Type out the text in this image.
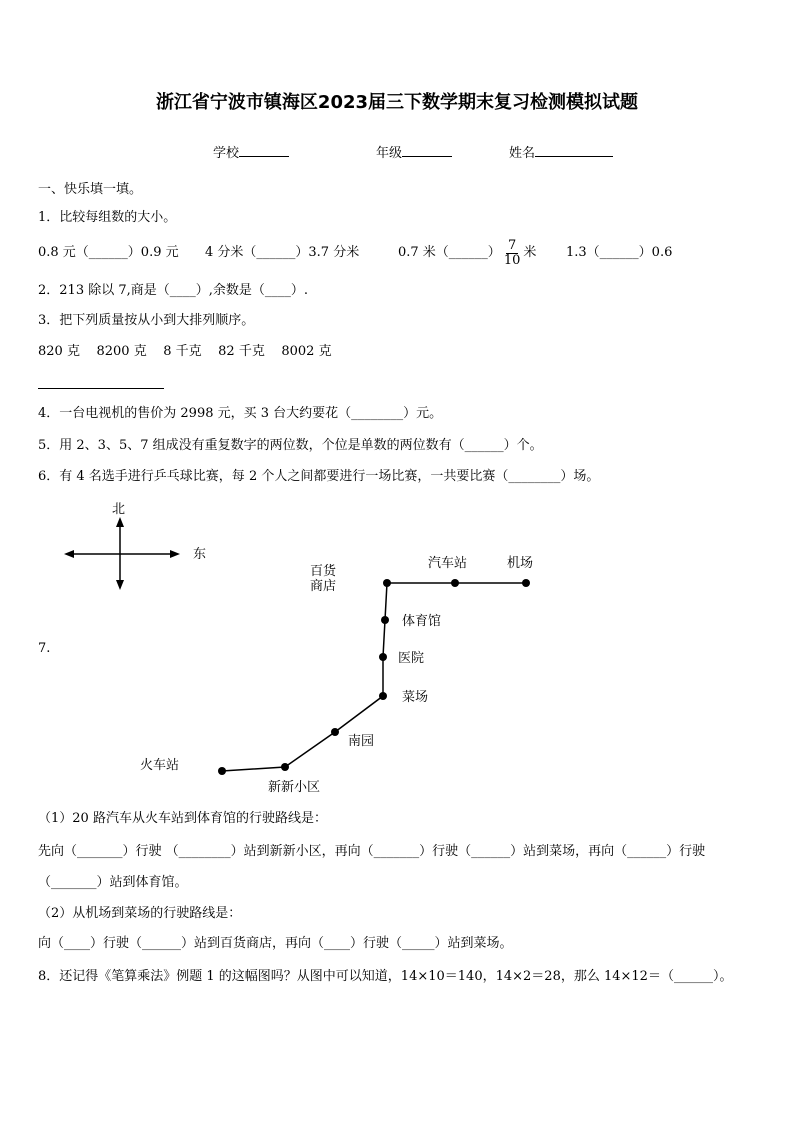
浙江省宁波市镇海区2023届三下数学期末复习检测模拟试题
学校	年级	姓名
一、快乐填一填。
1．比较每组数的大小。
0.8 元（______）0.9 元 4 分米（______）3.7 分米	0.7 米（______） $\frac{7}{10}$ 米 1.3（______）0.6
2．213 除以 7,商是（____）,余数是（____）.
3．把下列质量按从小到大排列顺序。
820 克    8200 克    8 千克    82 千克    8002 克
4．一台电视机的售价为 2998 元，买 3 台大约要花（________）元。
5．用 2、3、5、7 组成没有重复数字的两位数，个位是单数的两位数有（______）个。
6．有 4 名选手进行乒乓球比赛，每 2 个人之间都要进行一场比赛，一共要比赛（________）场。
7.
北
东
百货
商店
汽车站	机场
体育馆
医院
菜场
南园
火车站
新新小区
（1）20 路汽车从火车站到体育馆的行驶路线是：
先向（_______）行驶 （________）站到新新小区，再向（_______）行驶（______）站到菜场，再向（______）行驶
（_______）站到体育馆。
（2）从机场到菜场的行驶路线是：
向（____）行驶（______）站到百货商店，再向（____）行驶（_____）站到菜场。
8．还记得《笔算乘法》例题 1 的这幅图吗？从图中可以知道，14×10＝140，14×2＝28，那么 14×12＝（______）。
